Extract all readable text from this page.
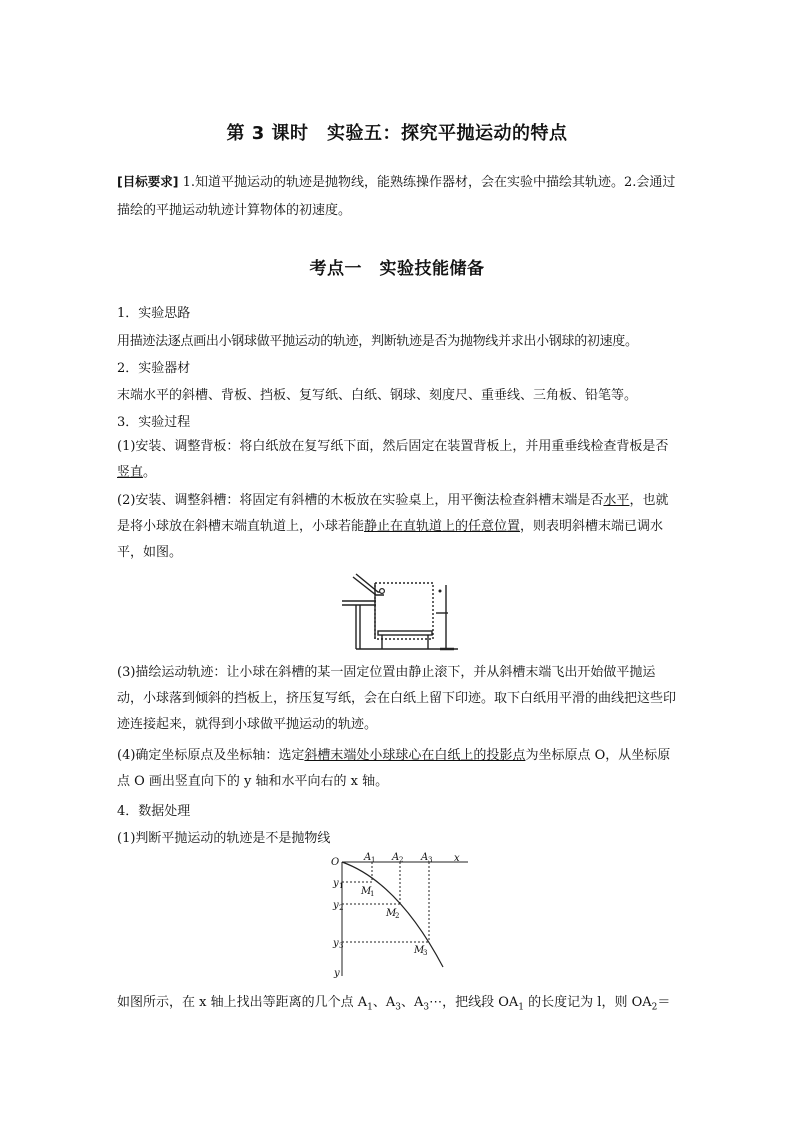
第 3 课时　实验五：探究平抛运动的特点
[目标要求] 1.知道平抛运动的轨迹是抛物线，能熟练操作器材，会在实验中描绘其轨迹。2.会通过描绘的平抛运动轨迹计算物体的初速度。
考点一　实验技能储备
1．实验思路
用描迹法逐点画出小钢球做平抛运动的轨迹，判断轨迹是否为抛物线并求出小钢球的初速度。
2．实验器材
末端水平的斜槽、背板、挡板、复写纸、白纸、钢球、刻度尺、重垂线、三角板、铅笔等。
3．实验过程
(1)安装、调整背板：将白纸放在复写纸下面，然后固定在装置背板上，并用重垂线检查背板是否竖直。
(2)安装、调整斜槽：将固定有斜槽的木板放在实验桌上，用平衡法检查斜槽末端是否水平，也就是将小球放在斜槽末端直轨道上，小球若能静止在直轨道上的任意位置，则表明斜槽末端已调水平，如图。
(3)描绘运动轨迹：让小球在斜槽的某一固定位置由静止滚下，并从斜槽末端飞出开始做平抛运动，小球落到倾斜的挡板上，挤压复写纸，会在白纸上留下印迹。取下白纸用平滑的曲线把这些印迹连接起来，就得到小球做平抛运动的轨迹。
(4)确定坐标原点及坐标轴：选定斜槽末端处小球球心在白纸上的投影点为坐标原点 O，从坐标原点 O 画出竖直向下的 y 轴和水平向右的 x 轴。
4．数据处理
(1)判断平抛运动的轨迹是不是抛物线
O	x
y
A A A
y
y
y
M
M
M
1	2	3
1
2
3
1
2
3
如图所示，在 x 轴上找出等距离的几个点 $A_1$、$A_3$、$A_3\cdots$，把线段 $OA_1$ 的长度记为 l，则 $OA_2=$
